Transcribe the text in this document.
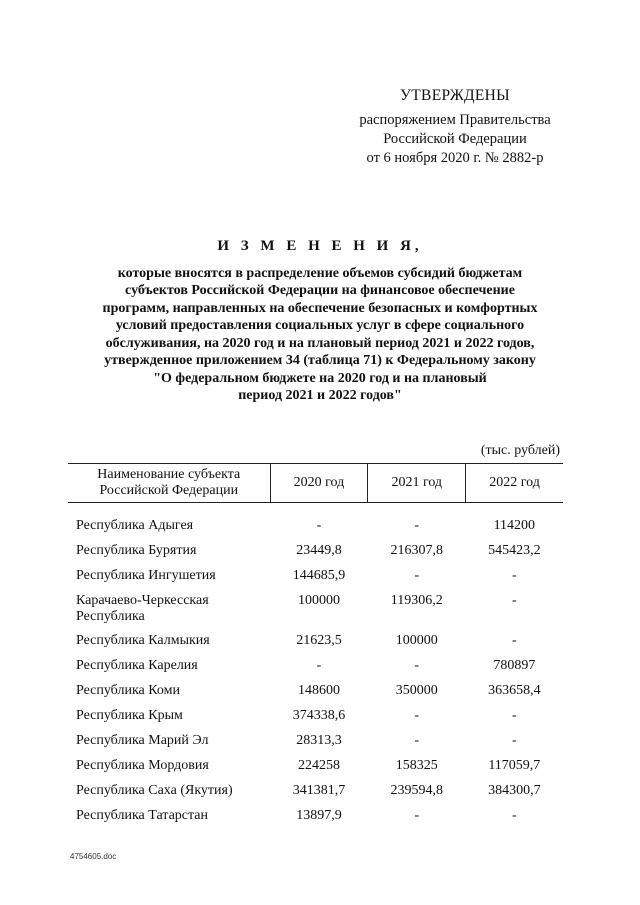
УТВЕРЖДЕНЫ
распоряжением Правительства
Российской Федерации
от 6 ноября 2020 г. № 2882-р
И З М Е Н Е Н И Я,
которые вносятся в распределение объемов субсидий бюджетам
субъектов Российской Федерации на финансовое обеспечение
программ, направленных на обеспечение безопасных и комфортных
условий предоставления социальных услуг в сфере социального
обслуживания, на 2020 год и на плановый период 2021 и 2022 годов,
утвержденное приложением 34 (таблица 71) к Федеральному закону
"О федеральном бюджете на 2020 год и на плановый
период 2021 и 2022 годов"
(тыс. рублей)
Наименование субъекта
Российской Федерации	2020 год	2021 год	2022 год

Республика Адыгея	-	-	114200
Республика Бурятия	23449,8	216307,8	545423,2
Республика Ингушетия	144685,9	-	-
Карачаево-Черкесская Республика	100000	119306,2	-
Республика Калмыкия	21623,5	100000	-
Республика Карелия	-	-	780897
Республика Коми	148600	350000	363658,4
Республика Крым	374338,6	-	-
Республика Марий Эл	28313,3	-	-
Республика Мордовия	224258	158325	117059,7
Республика Саха (Якутия)	341381,7	239594,8	384300,7
Республика Татарстан	13897,9	-	-
4754605.doc
